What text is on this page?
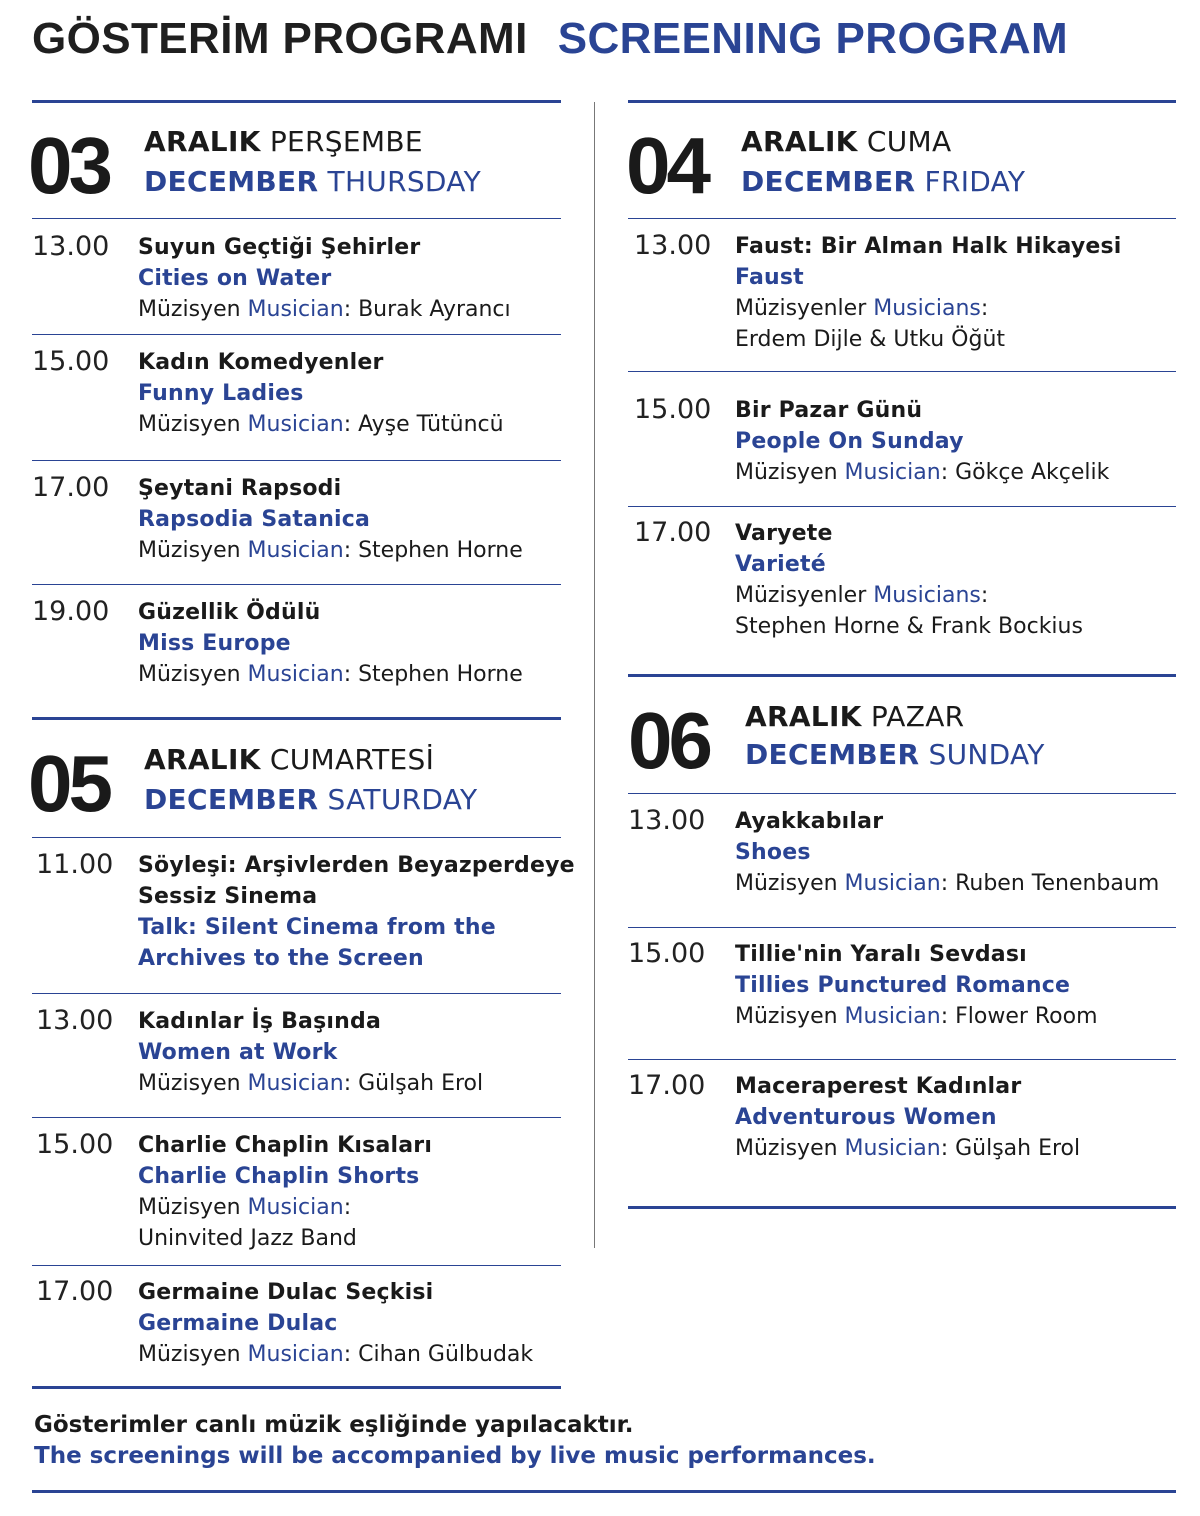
GÖSTERİM PROGRAMI SCREENING PROGRAM
03 ARALIK PERŞEMBE
DECEMBER THURSDAY
13.00 Suyun Geçtiği Şehirler
Cities on Water
Müzisyen Musician: Burak Ayrancı
15.00 Kadın Komedyenler
Funny Ladies
Müzisyen Musician: Ayşe Tütüncü
17.00 Şeytani Rapsodi
Rapsodia Satanica
Müzisyen Musician: Stephen Horne
19.00 Güzellik Ödülü
Miss Europe
Müzisyen Musician: Stephen Horne
05 ARALIK CUMARTESİ
DECEMBER SATURDAY
11.00 Söyleşi: Arşivlerden Beyazperdeye
Sessiz Sinema
Talk: Silent Cinema from the
Archives to the Screen
13.00 Kadınlar İş Başında
Women at Work
Müzisyen Musician: Gülşah Erol
15.00 Charlie Chaplin Kısaları
Charlie Chaplin Shorts
Müzisyen Musician:
Uninvited Jazz Band
17.00 Germaine Dulac Seçkisi
Germaine Dulac
Müzisyen Musician: Cihan Gülbudak
04 ARALIK CUMA
DECEMBER FRIDAY
13.00 Faust: Bir Alman Halk Hikayesi
Faust
Müzisyenler Musicians:
Erdem Dijle & Utku Öğüt
15.00 Bir Pazar Günü
People On Sunday
Müzisyen Musician: Gökçe Akçelik
17.00 Varyete
Varieté
Müzisyenler Musicians:
Stephen Horne & Frank Bockius
06 ARALIK PAZAR
DECEMBER SUNDAY
13.00 Ayakkabılar
Shoes
Müzisyen Musician: Ruben Tenenbaum
15.00 Tillie'nin Yaralı Sevdası
Tillies Punctured Romance
Müzisyen Musician: Flower Room
17.00 Maceraperest Kadınlar
Adventurous Women
Müzisyen Musician: Gülşah Erol
Gösterimler canlı müzik eşliğinde yapılacaktır.
The screenings will be accompanied by live music performances.
